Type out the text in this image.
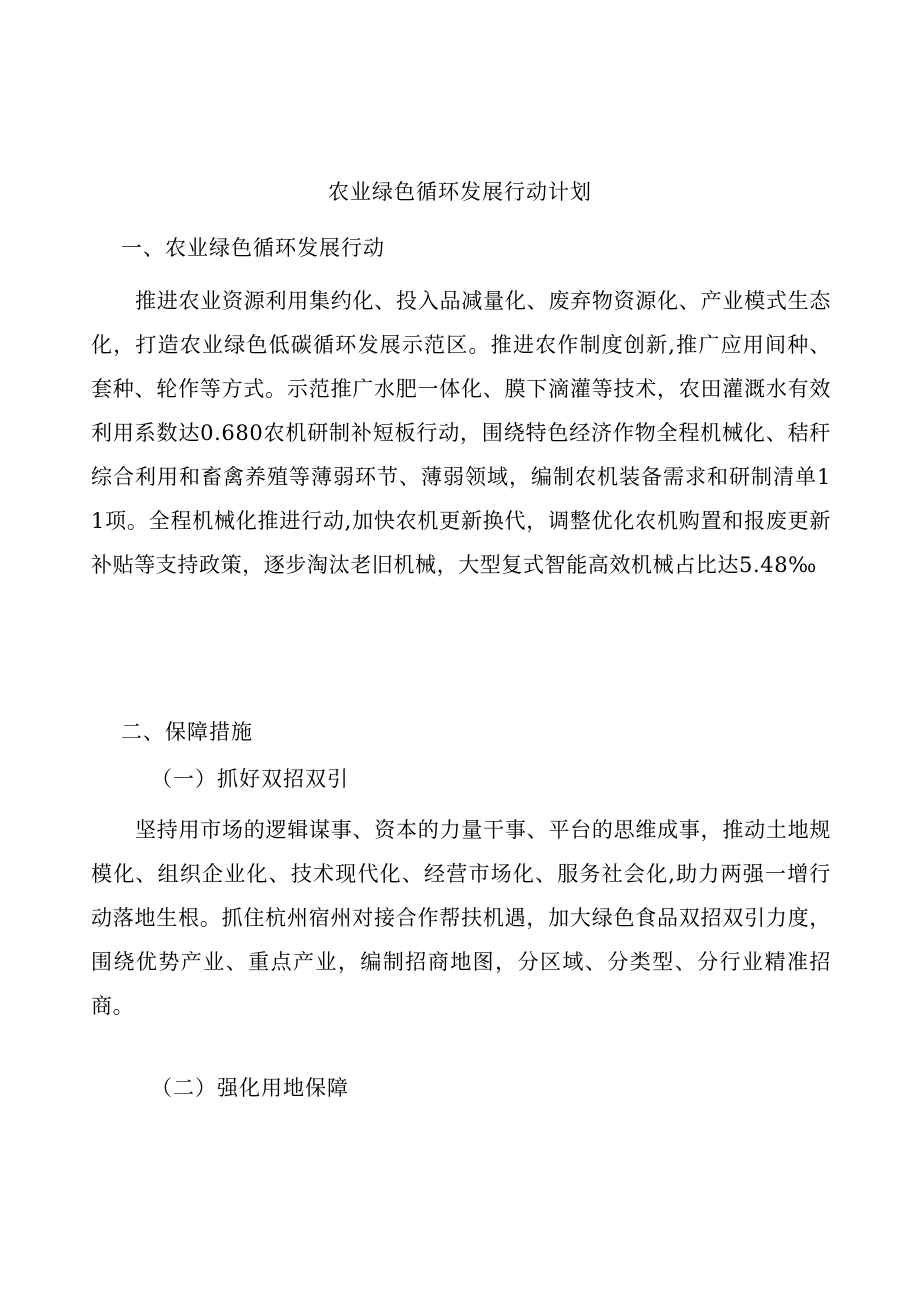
农业绿色循环发展行动计划
一、农业绿色循环发展行动
推进农业资源利用集约化、投入品减量化、废弃物资源化、产业模式生态化，打造农业绿色低碳循环发展示范区。推进农作制度创新,推广应用间种、套种、轮作等方式。示范推广水肥一体化、膜下滴灌等技术，农田灌溉水有效利用系数达0.680农机研制补短板行动，围绕特色经济作物全程机械化、秸秆综合利用和畜禽养殖等薄弱环节、薄弱领域，编制农机装备需求和研制清单11项。全程机械化推进行动,加快农机更新换代，调整优化农机购置和报废更新补贴等支持政策，逐步淘汰老旧机械，大型复式智能高效机械占比达5.48‰
二、保障措施
（一）抓好双招双引
坚持用市场的逻辑谋事、资本的力量干事、平台的思维成事，推动土地规模化、组织企业化、技术现代化、经营市场化、服务社会化,助力两强一增行动落地生根。抓住杭州宿州对接合作帮扶机遇，加大绿色食品双招双引力度，围绕优势产业、重点产业，编制招商地图，分区域、分类型、分行业精准招商。
（二）强化用地保障
